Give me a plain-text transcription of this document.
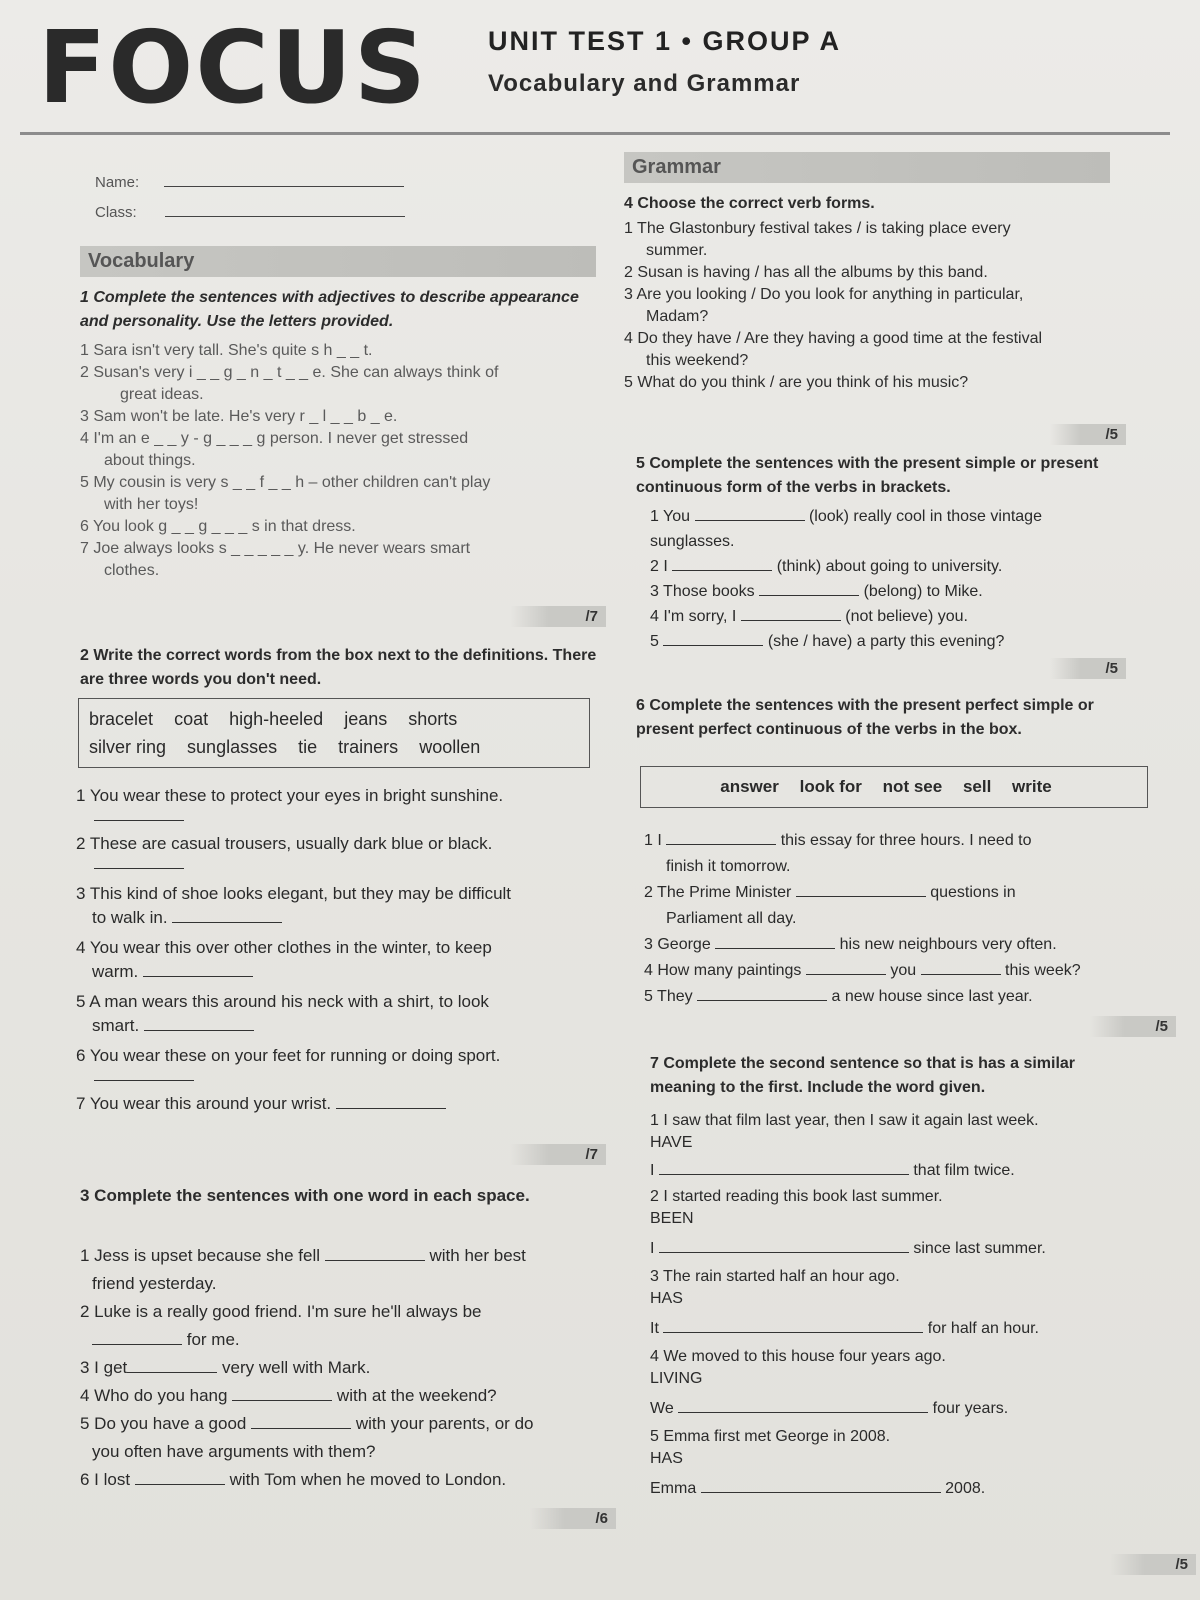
FOCUS UNIT TEST 1 • GROUP A
Vocabulary and Grammar
Name:
Class:
Vocabulary
1 Complete the sentences with adjectives to describe appearance and personality. Use the letters provided.
1 Sara isn't very tall. She's quite s h _ _ t.
2 Susan's very i _ _ g _ n _ t _ _ e. She can always think of
great ideas.
3 Sam won't be late. He's very r _ l _ _ b _ e.
4 I'm an e _ _ y - g _ _ _ g person. I never get stressed
about things.
5 My cousin is very s _ _ f _ _ h – other children can't play
with her toys!
6 You look g _ _ g _ _ _ s in that dress.
7 Joe always looks s _ _ _ _ _ y. He never wears smart
clothes.
/7
2 Write the correct words from the box next to the definitions. There are three words you don't need.
bracelet coat high-heeled jeans shorts
silver ring sunglasses tie trainers woollen
1 You wear these to protect your eyes in bright sunshine.
2 These are casual trousers, usually dark blue or black.
3 This kind of shoe looks elegant, but they may be difficult
to walk in.
4 You wear this over other clothes in the winter, to keep
warm.
5 A man wears this around his neck with a shirt, to look
smart.
6 You wear these on your feet for running or doing sport.
7 You wear this around your wrist.
/7
3 Complete the sentences with one word in each space.
1 Jess is upset because she fell	with her best
friend yesterday.
2 Luke is a really good friend. I'm sure he'll always be
for me.
3 I get	very well with Mark.
4 Who do you hang	with at the weekend?
5 Do you have a good	with your parents, or do
you often have arguments with them?
6 I lost	with Tom when he moved to London.
/6
Grammar
4 Choose the correct verb forms.
1 The Glastonbury festival takes / is taking place every
summer.
2 Susan is having / has all the albums by this band.
3 Are you looking / Do you look for anything in particular,
Madam?
4 Do they have / Are they having a good time at the festival
this weekend?
5 What do you think / are you think of his music?
/5
5 Complete the sentences with the present simple or present continuous form of the verbs in brackets.
1 You	(look) really cool in those vintage
sunglasses.
2 I	(think) about going to university.
3 Those books	(belong) to Mike.
4 I'm sorry, I	(not believe) you.
5	(she / have) a party this evening?
/5
6 Complete the sentences with the present perfect simple or present perfect continuous of the verbs in the box.
answer look for not see sell write
1 I	this essay for three hours. I need to
finish it tomorrow.
2 The Prime Minister	questions in
Parliament all day.
3 George	his new neighbours very often.
4 How many paintings	you	this week?
5 They	a new house since last year.
/5
7 Complete the second sentence so that is has a similar meaning to the first. Include the word given.
1 I saw that film last year, then I saw it again last week.
HAVE
I	that film twice.
2 I started reading this book last summer.
BEEN
I	since last summer.
3 The rain started half an hour ago.
HAS
It	for half an hour.
4 We moved to this house four years ago.
LIVING
We	four years.
5 Emma first met George in 2008.
HAS
Emma	2008.
/5
